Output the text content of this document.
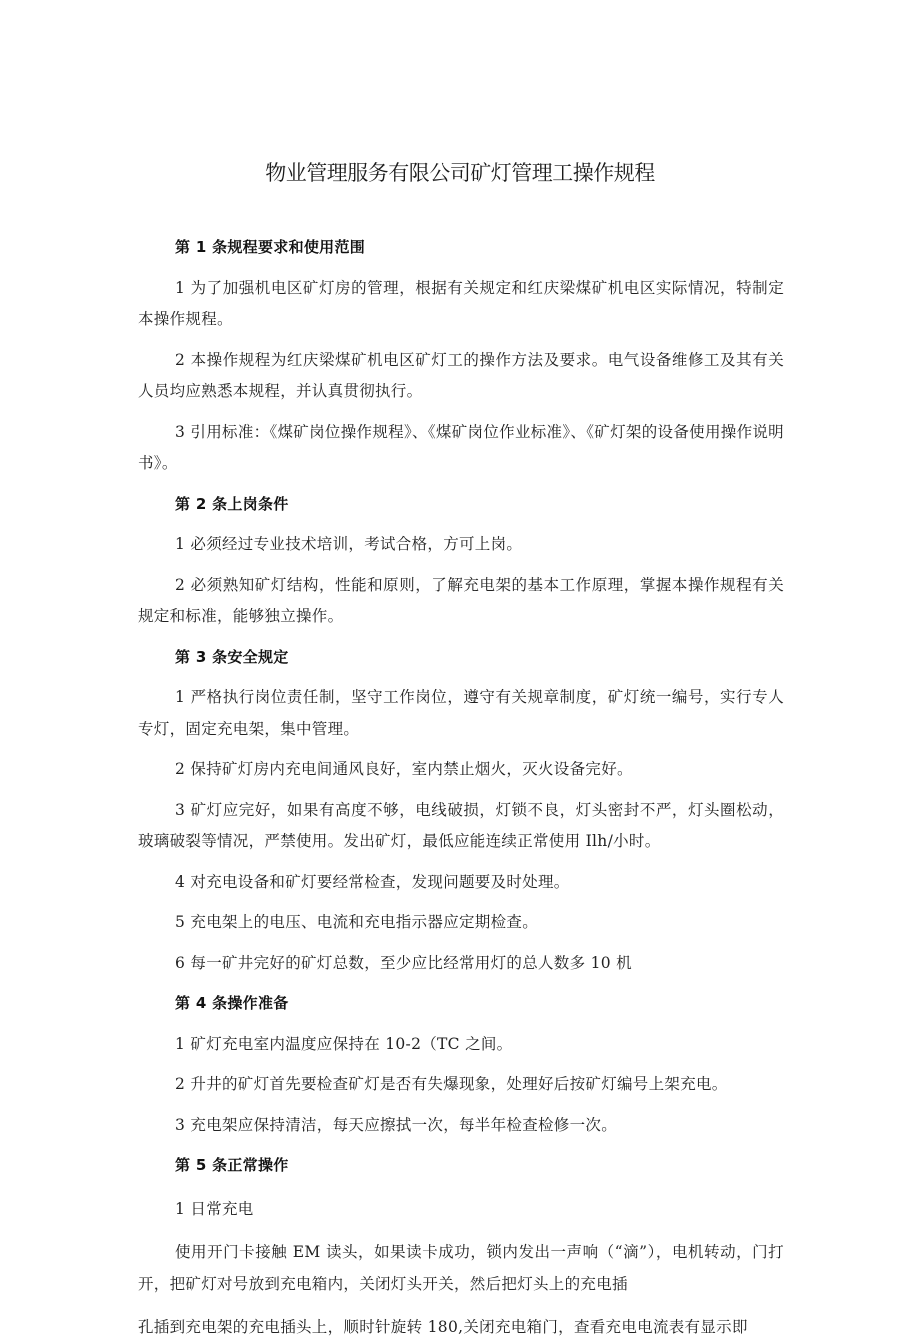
物业管理服务有限公司矿灯管理工操作规程

第 1 条规程要求和使用范围

1 为了加强机电区矿灯房的管理，根据有关规定和红庆梁煤矿机电区实际情况，特制定本操作规程。

2 本操作规程为红庆梁煤矿机电区矿灯工的操作方法及要求。电气设备维修工及其有关人员均应熟悉本规程，并认真贯彻执行。

3 引用标准：《煤矿岗位操作规程》、《煤矿岗位作业标准》、《矿灯架的设备使用操作说明书》。

第 2 条上岗条件

1 必须经过专业技术培训，考试合格，方可上岗。

2 必须熟知矿灯结构，性能和原则，了解充电架的基本工作原理，掌握本操作规程有关规定和标准，能够独立操作。

第 3 条安全规定

1 严格执行岗位责任制，坚守工作岗位，遵守有关规章制度，矿灯统一编号，实行专人专灯，固定充电架，集中管理。

2 保持矿灯房内充电间通风良好，室内禁止烟火，灭火设备完好。

3 矿灯应完好，如果有高度不够，电线破损，灯锁不良，灯头密封不严，灯头圈松动，玻璃破裂等情况，严禁使用。发出矿灯，最低应能连续正常使用 Ilh/小时。

4 对充电设备和矿灯要经常检查，发现问题要及时处理。

5 充电架上的电压、电流和充电指示器应定期检查。

6 每一矿井完好的矿灯总数，至少应比经常用灯的总人数多 10 机

第 4 条操作准备

1 矿灯充电室内温度应保持在 10-2（TC 之间。

2 升井的矿灯首先要检查矿灯是否有失爆现象，处理好后按矿灯编号上架充电。

3 充电架应保持清洁，每天应擦拭一次，每半年检查检修一次。

第 5 条正常操作

1 日常充电

使用开门卡接触 EM 读头，如果读卡成功，锁内发出一声响（“滴”），电机转动，门打开，把矿灯对号放到充电箱内，关闭灯头开关，然后把灯头上的充电插

孔插到充电架的充电插头上，顺时针旋转 180,关闭充电箱门，查看充电电流表有显示即
